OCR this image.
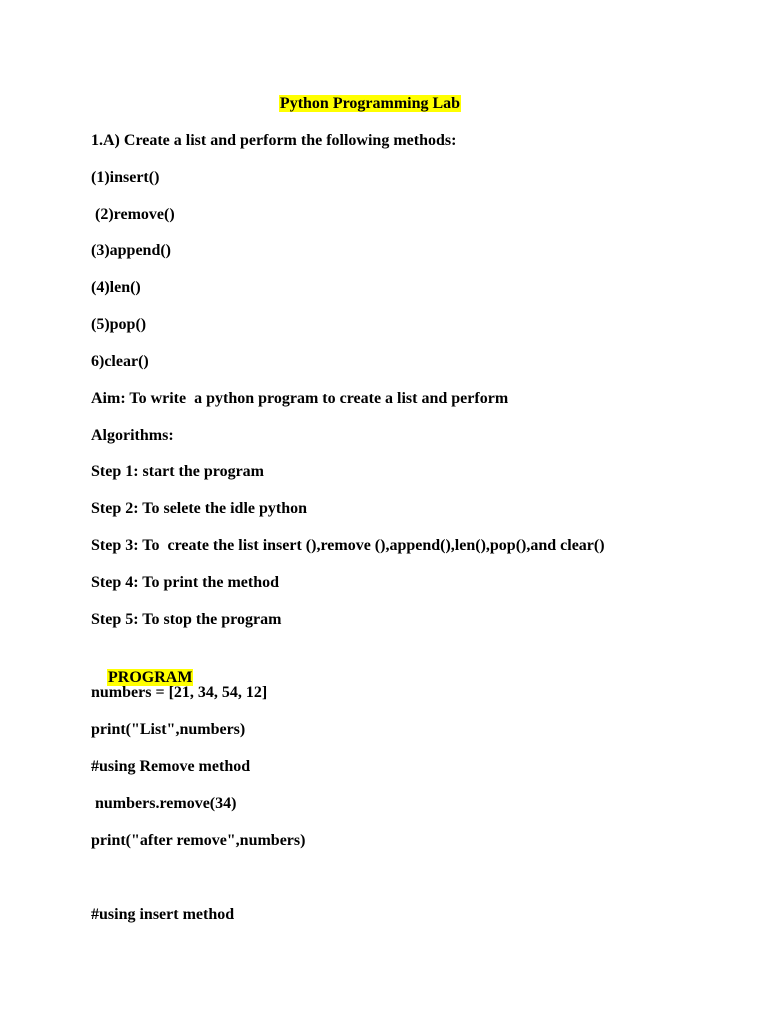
Python Programming Lab
1.A) Create a list and perform the following methods:
(1)insert()
(2)remove()
(3)append()
(4)len()
(5)pop()
6)clear()
Aim: To write  a python program to create a list and perform
Algorithms:
Step 1: start the program
Step 2: To selete the idle python
Step 3: To  create the list insert (),remove (),append(),len(),pop(),and clear()
Step 4: To print the method
Step 5: To stop the program

PROGRAM

numbers = [21, 34, 54, 12]
print("List",numbers)
#using Remove method
numbers.remove(34)
print("after remove",numbers)
#using insert method
